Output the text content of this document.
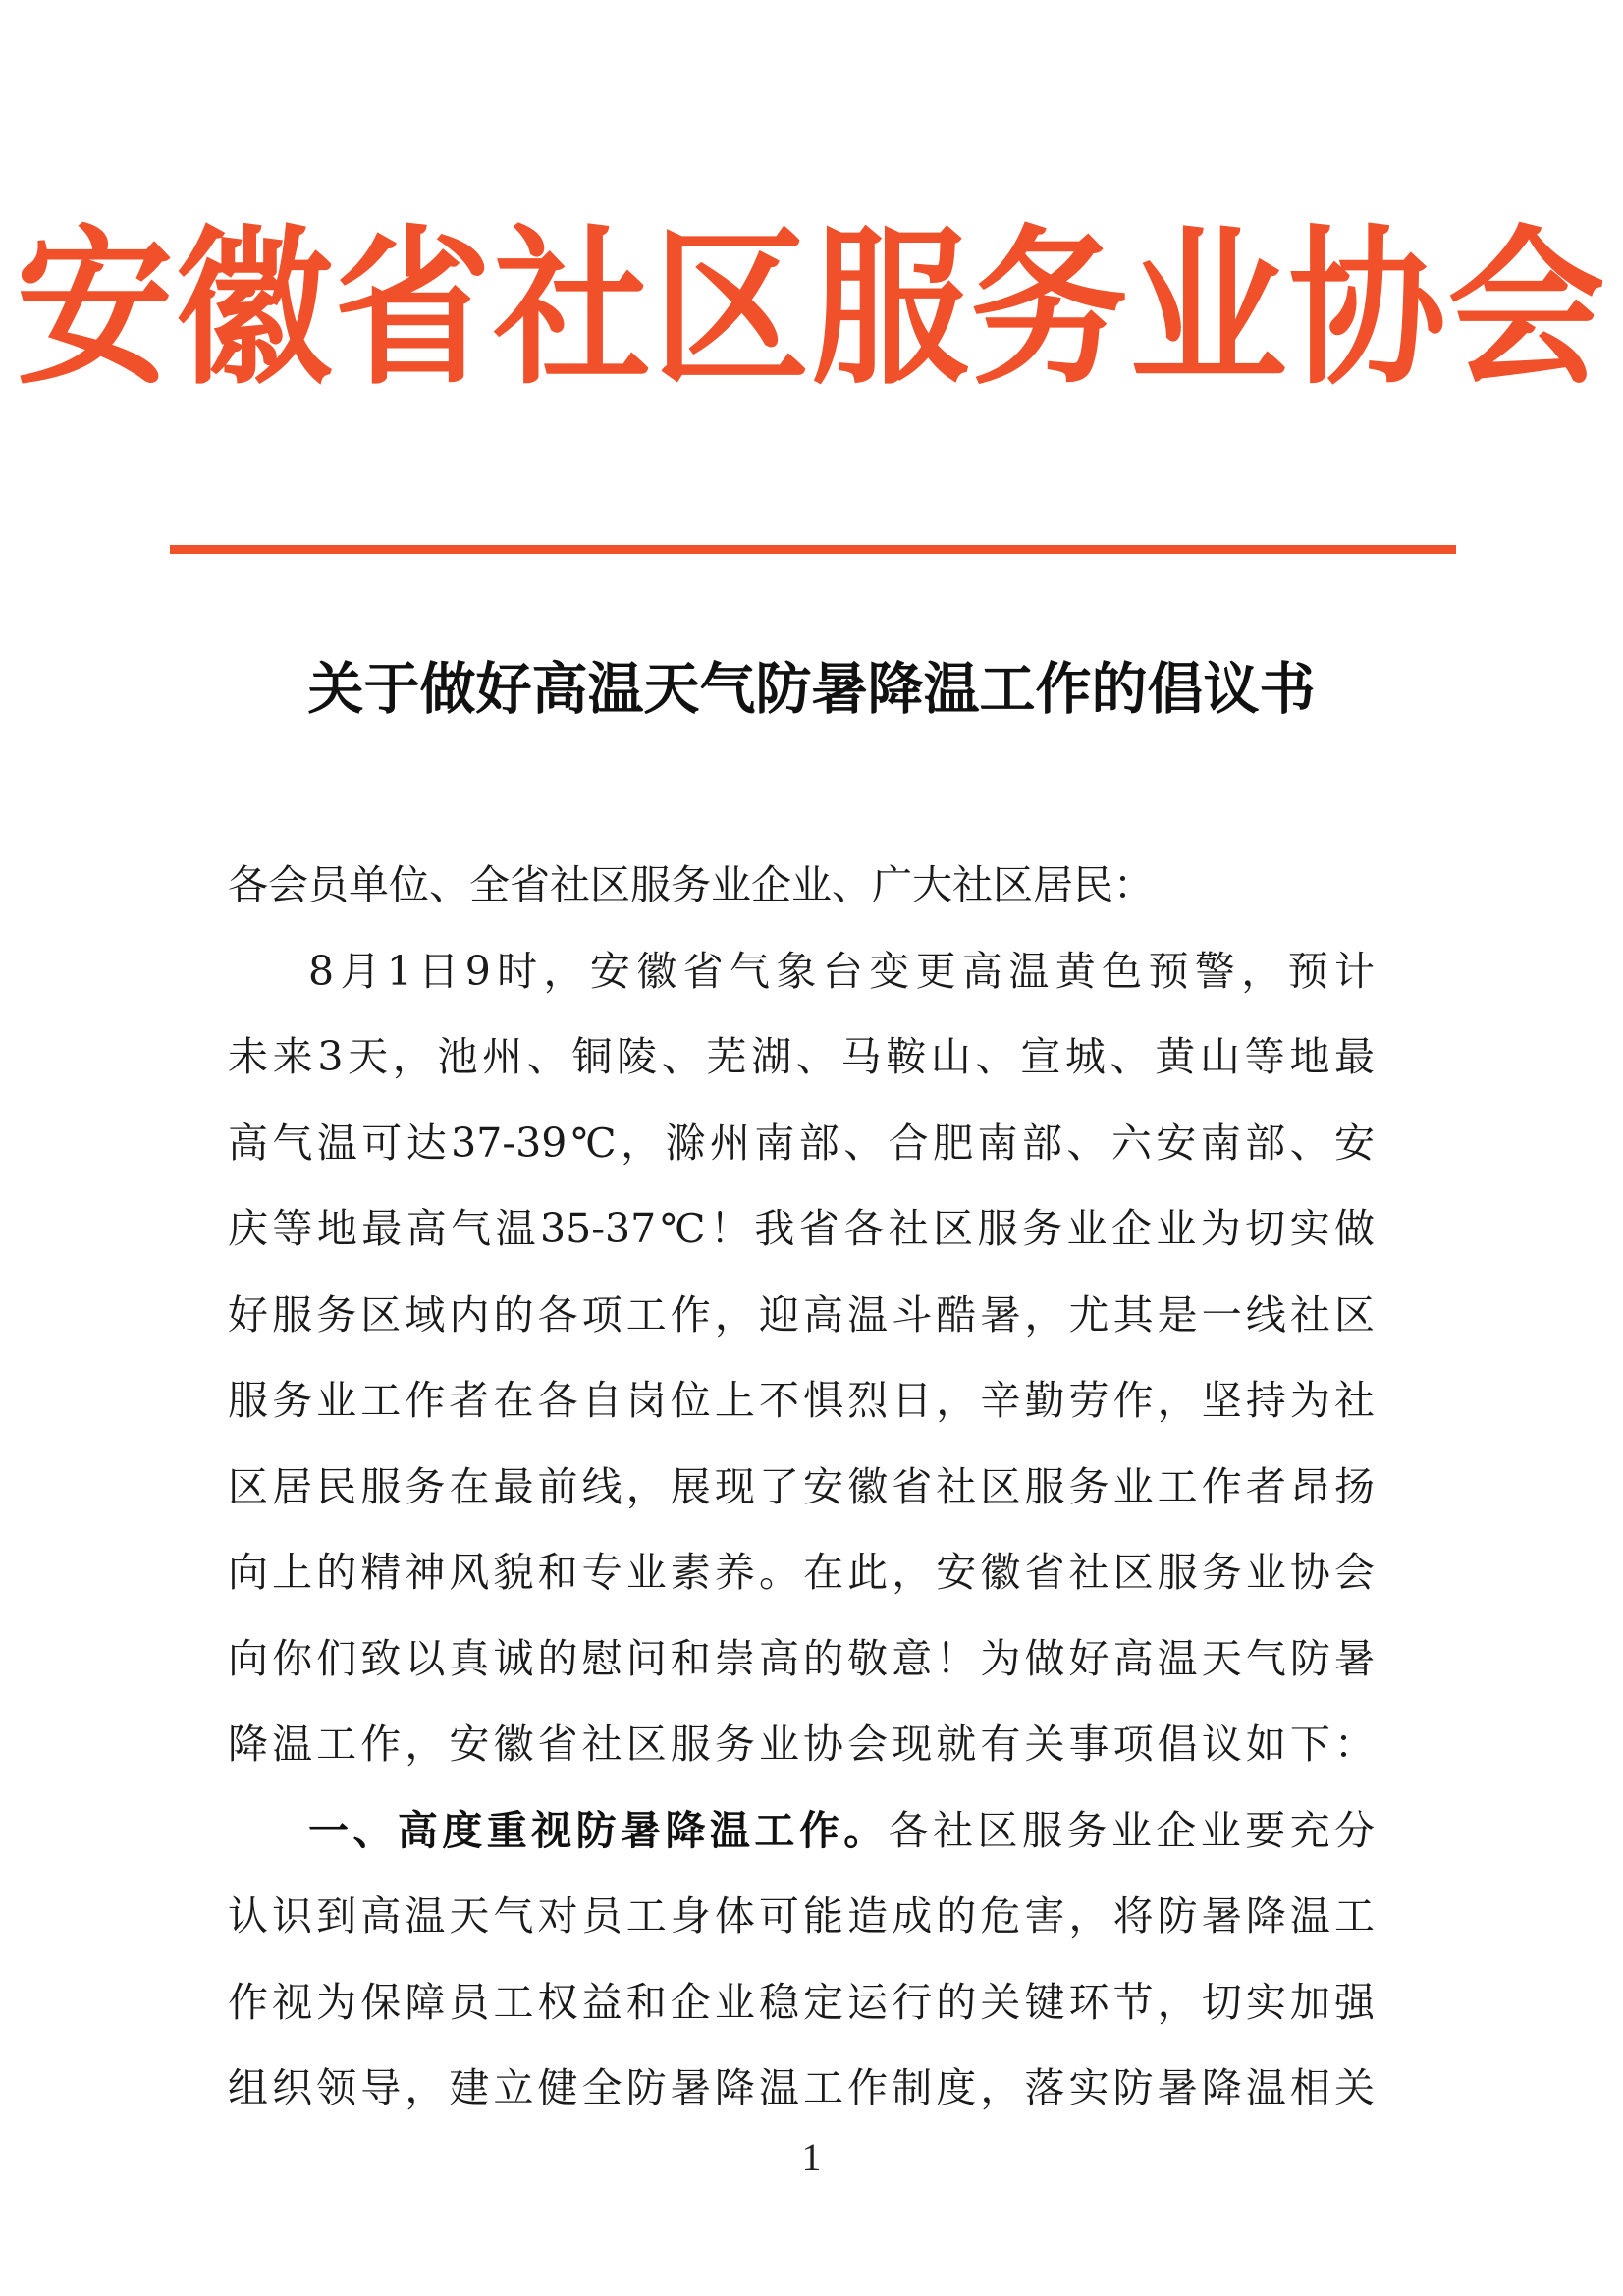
安徽省社区服务业协会
关于做好高温天气防暑降温工作的倡议书
各会员单位、全省社区服务业企业、广大社区居民：
8月1日9时，安徽省气象台变更高温黄色预警，预计
未来3天，池州、铜陵、芜湖、马鞍山、宣城、黄山等地最
高气温可达37-39℃，滁州南部、合肥南部、六安南部、安
庆等地最高气温35-37℃！我省各社区服务业企业为切实做
好服务区域内的各项工作，迎高温斗酷暑，尤其是一线社区
服务业工作者在各自岗位上不惧烈日，辛勤劳作，坚持为社
区居民服务在最前线，展现了安徽省社区服务业工作者昂扬
向上的精神风貌和专业素养。在此，安徽省社区服务业协会
向你们致以真诚的慰问和崇高的敬意！为做好高温天气防暑
降温工作，安徽省社区服务业协会现就有关事项倡议如下：
一、高度重视防暑降温工作。各社区服务业企业要充分
认识到高温天气对员工身体可能造成的危害，将防暑降温工
作视为保障员工权益和企业稳定运行的关键环节，切实加强
组织领导，建立健全防暑降温工作制度，落实防暑降温相关
1
